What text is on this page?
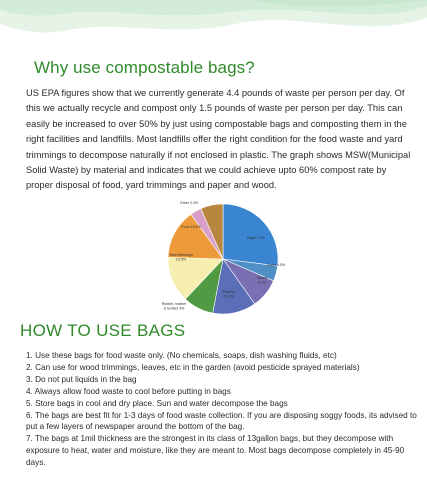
Why use compostable bags?

US EPA figures show that we currently generate 4.4 pounds of waste per person per day. Of this we actually recycle and compost only 1.5 pounds of waste per person per day. This can easily be increased to over 50% by just using compostable bags and composting them in the right facilities and landfills. Most landfills offer the right condition for the food waste and yard trimmings to decompose naturally if not enclosed in plastic. The graph shows MSW(Municipal Solid Waste) by material and indicates that we could achieve upto 60% compost rate by proper disposal of food, yard trimmings and paper and wood.

Paper 27%
Glass 4.5%
Metals 8.7%
Plastics 12.8%
Rubber, leather & textiles 9%
Yard trimmings 13.5%
Food 14.6%
Other 3.3%
HOW TO USE BAGS
1. Use these bags for food waste only. (No chemicals, soaps, dish washing fluids, etc)
2. Can use for wood trimmings, leaves, etc in the garden (avoid pesticide sprayed materials)
3. Do not put liquids in the bag
4. Always allow food waste to cool before putting in bags
5. Store bags in cool and dry place. Sun and water decompose the bags
6. The bags are best fit for 1-3 days of food waste collection. If you are disposing soggy foods, its advised to put a few layers of newspaper around the bottom of the bag.
7. The bags at 1mil thickness are the strongest in its class of 13gallon bags, but they decompose with exposure to heat, water and moisture, like they are meant to. Most bags decompose completely in 45-90 days.
